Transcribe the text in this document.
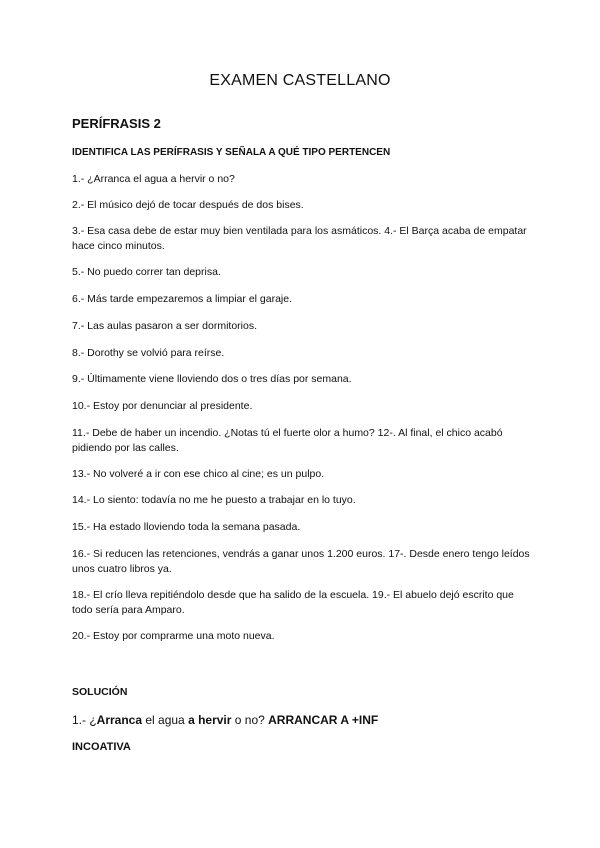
EXAMEN CASTELLANO
PERÍFRASIS 2
IDENTIFICA LAS PERÍFRASIS Y SEÑALA A QUÉ TIPO PERTENCEN
1.- ¿Arranca el agua a hervir o no?
2.- El músico dejó de tocar después de dos bises.
3.- Esa casa debe de estar muy bien ventilada para los asmáticos. 4.- El Barça acaba de empatar hace cinco minutos.
5.- No puedo correr tan deprisa.
6.- Más tarde empezaremos a limpiar el garaje.
7.- Las aulas pasaron a ser dormitorios.
8.- Dorothy se volvió para reírse.
9.- Últimamente viene lloviendo dos o tres días por semana.
10.- Estoy por denunciar al presidente.
11.- Debe de haber un incendio. ¿Notas tú el fuerte olor a humo? 12-. Al final, el chico acabó pidiendo por las calles.
13.- No volveré a ir con ese chico al cine; es un pulpo.
14.- Lo siento: todavía no me he puesto a trabajar en lo tuyo.
15.- Ha estado lloviendo toda la semana pasada.
16.- Si reducen las retenciones, vendrás a ganar unos 1.200 euros. 17-. Desde enero tengo leídos unos cuatro libros ya.
18.- El crío lleva repitiéndolo desde que ha salido de la escuela. 19.- El abuelo dejó escrito que todo sería para Amparo.
20.- Estoy por comprarme una moto nueva.
SOLUCIÓN
1.- ¿Arranca el agua a hervir o no? ARRANCAR A +INF
INCOATIVA
